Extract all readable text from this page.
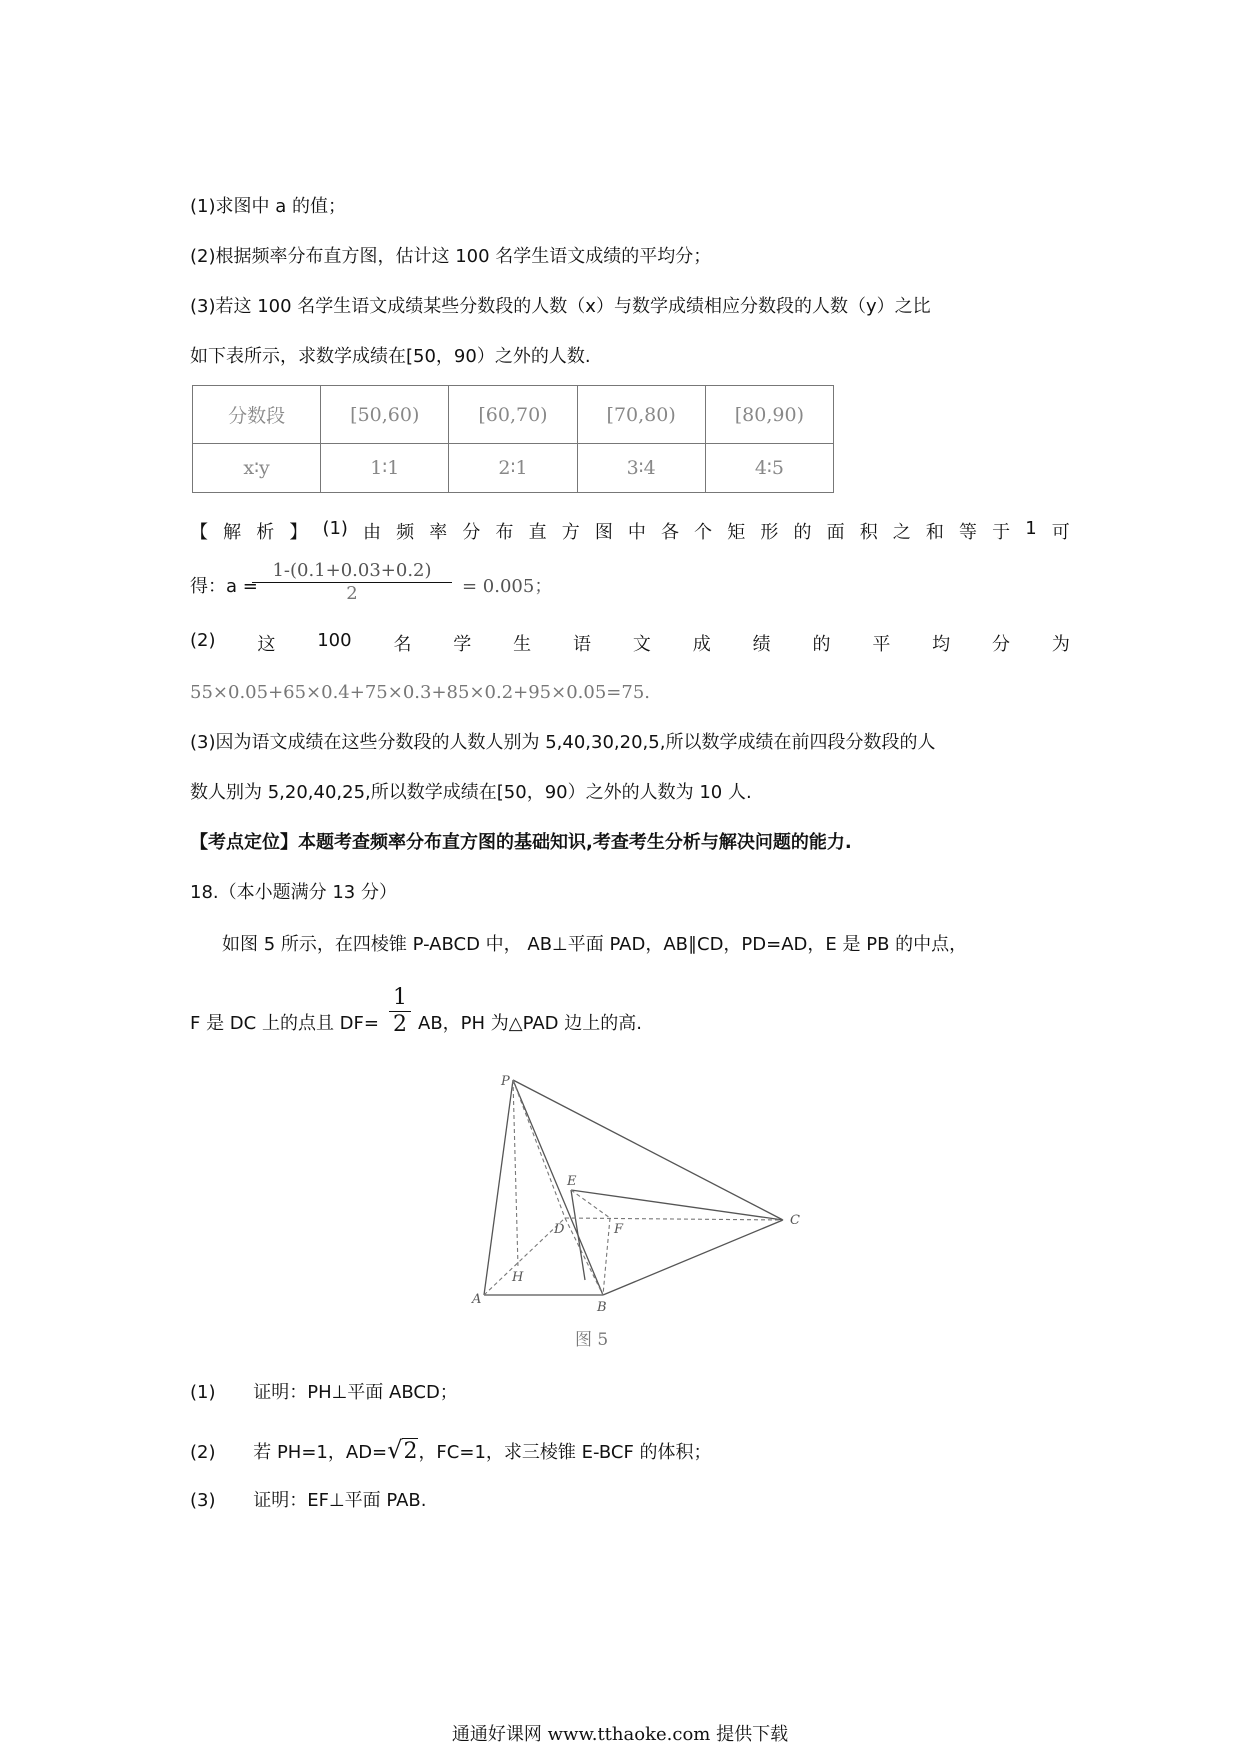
(1)求图中 a 的值；
(2)根据频率分布直方图，估计这 100 名学生语文成绩的平均分；
(3)若这 100 名学生语文成绩某些分数段的人数（x）与数学成绩相应分数段的人数（y）之比
如下表所示，求数学成绩在[50，90）之外的人数.
分数段	[50,60)	[60,70)	[70,80)	[80,90)
x∶y	1∶1	2∶1	3∶4	4∶5
【 解 析 】 (1) 由 频 率 分 布 直 方 图 中 各 个 矩 形 的 面 积 之 和 等 于 1 可
得：a =
$\frac{1-(0.1+0.03+0.2)}{2} = 0.005$；
(2) 这 100 名 学 生 语 文 成 绩 的 平 均 分 为
55×0.05+65×0.4+75×0.3+85×0.2+95×0.05=75.
(3)因为语文成绩在这些分数段的人数人别为 5,40,30,20,5,所以数学成绩在前四段分数段的人
数人别为 5,20,40,25,所以数学成绩在[50，90）之外的人数为 10 人.
【考点定位】本题考查频率分布直方图的基础知识,考查考生分析与解决问题的能力.
18.（本小题满分 13 分）
如图 5 所示，在四棱锥 P-ABCD 中， AB⊥平面 PAD，AB∥CD，PD=AD，E 是 PB 的中点，
F 是 DC 上的点且 $DF= \frac{1}{2}$ AB，PH 为△PAD 边上的高.
P
E
D	F
C
H
A
B
图 5
(1) 证明：PH⊥平面 ABCD；
(2) 若 PH=1，AD=√2，FC=1，求三棱锥 E-BCF 的体积；
(3) 证明：EF⊥平面 PAB.
通通好课网 www.tthaoke.com 提供下载
